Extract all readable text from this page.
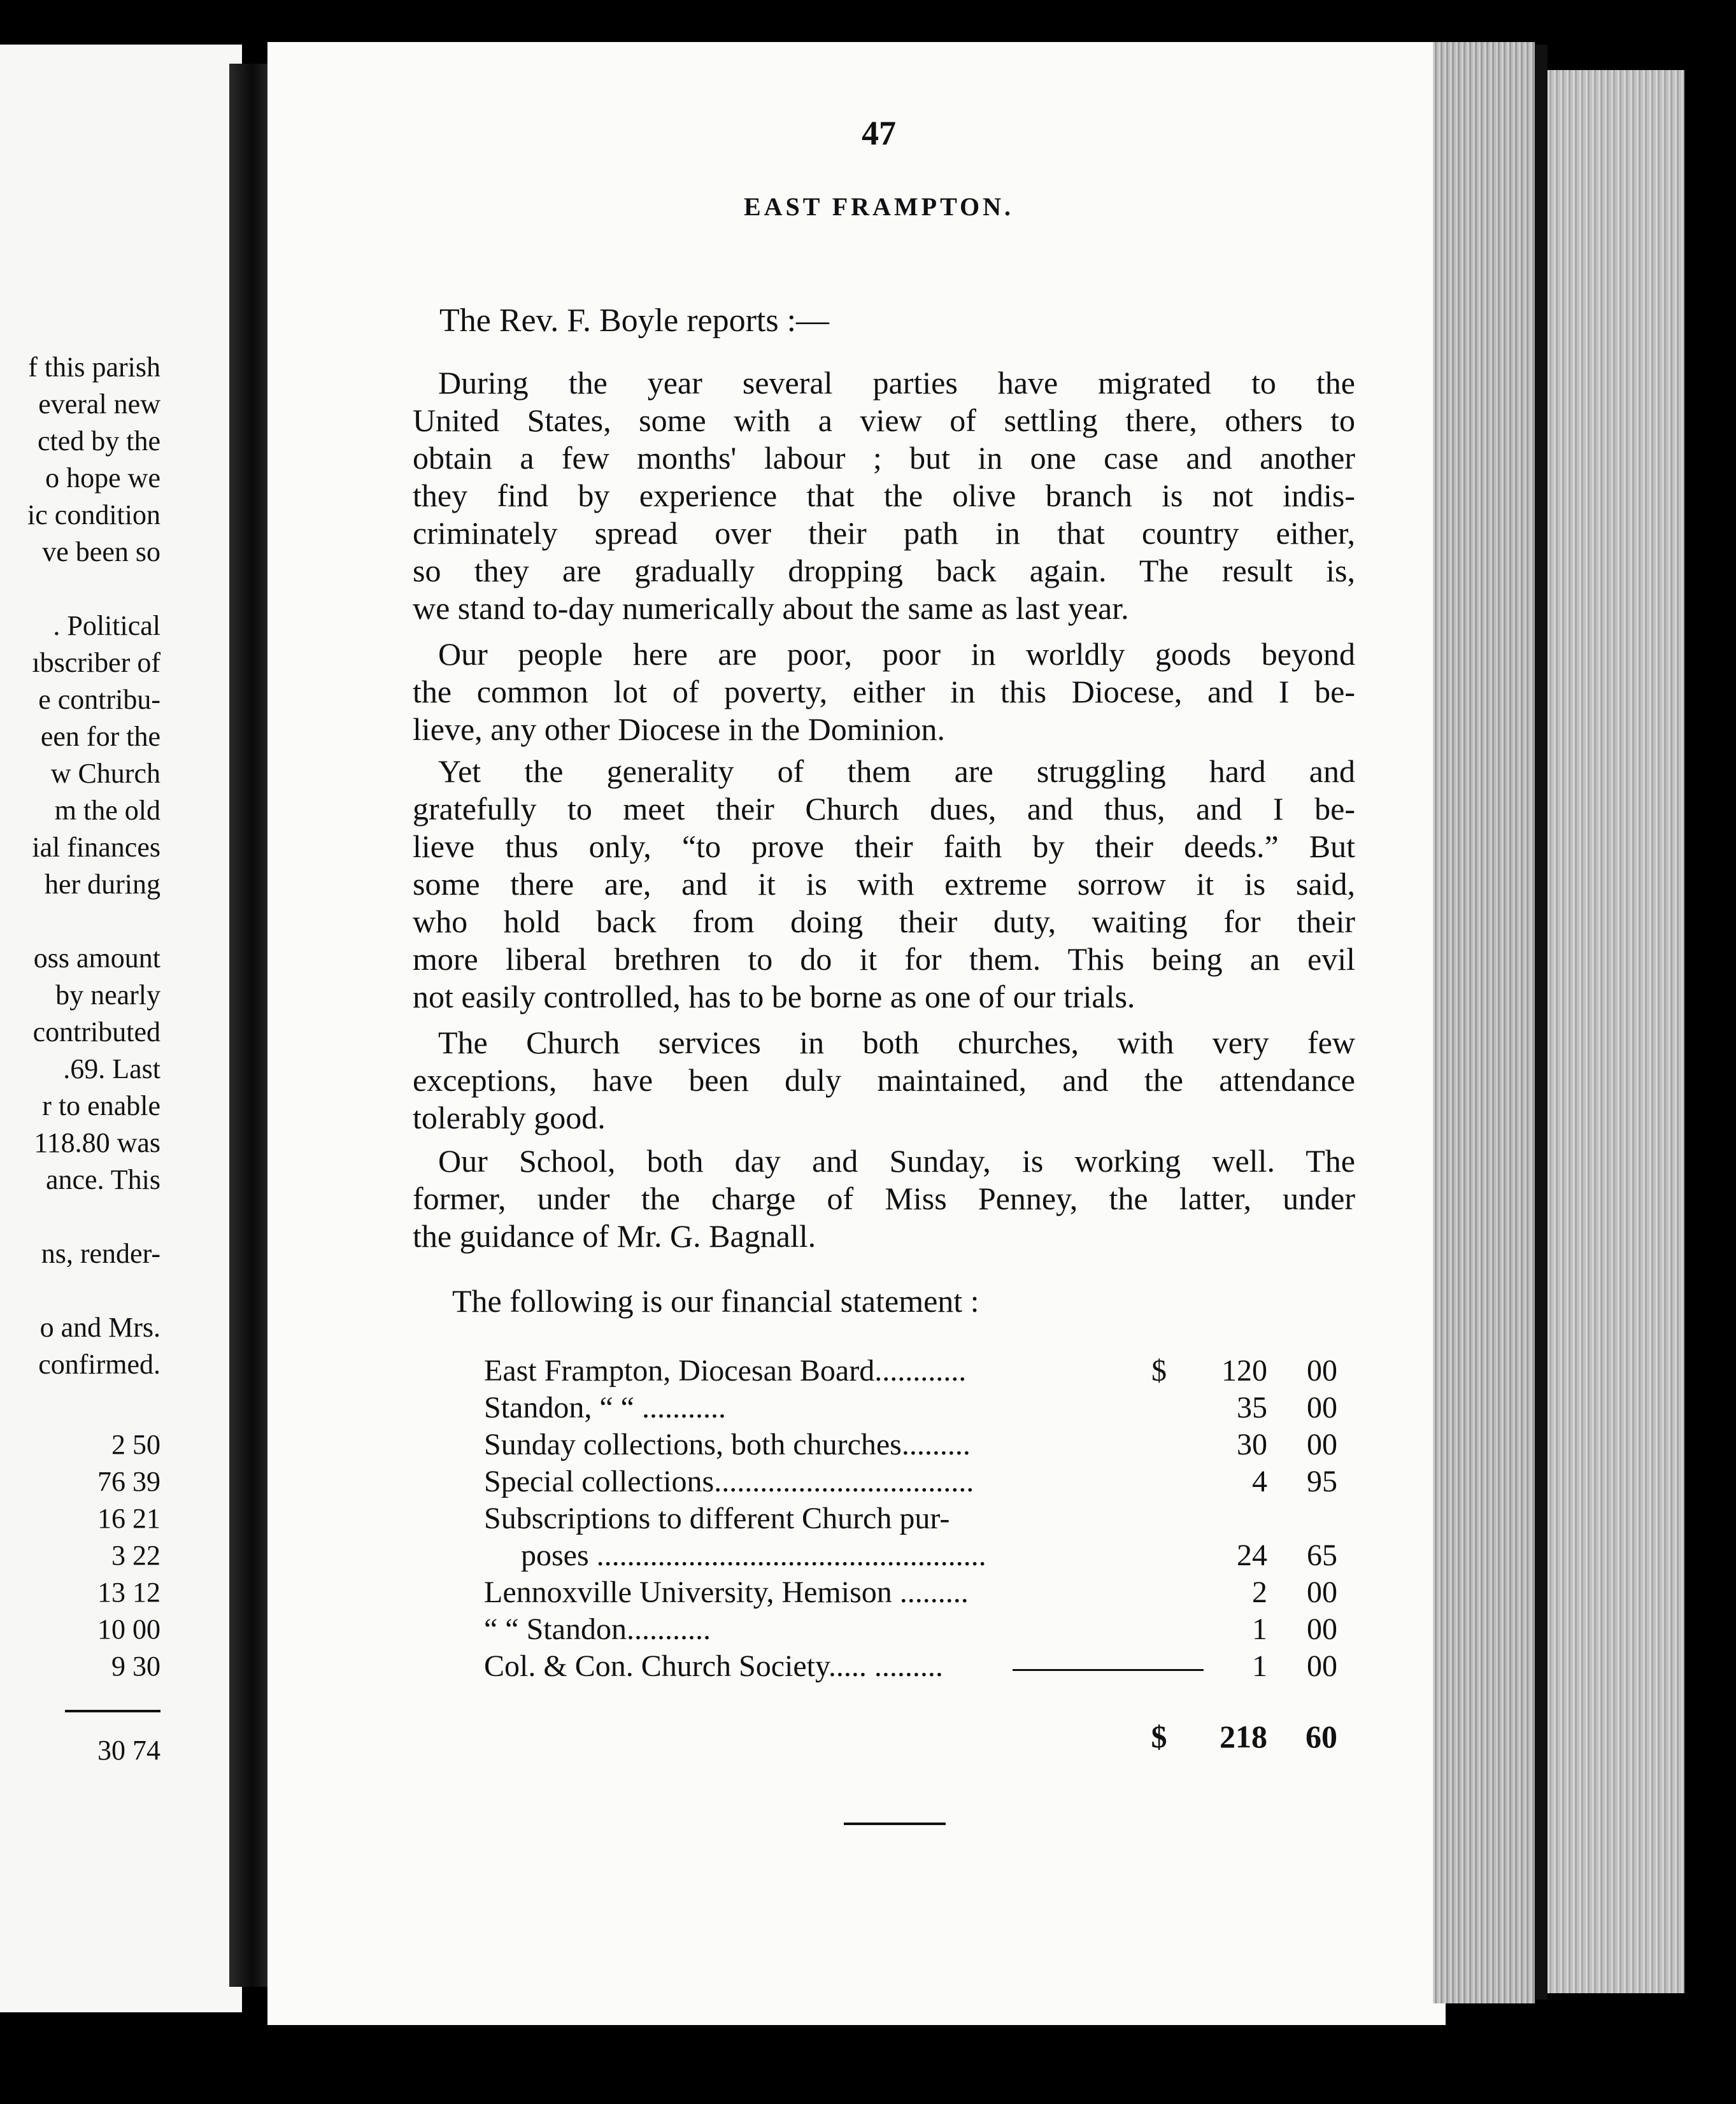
f this parish
everal new
cted by the
o hope we
ic condition
ve been so

. Political
ıbscriber of
e contribu-
een for the
w Church
m the old
ial finances
her during

oss amount
by nearly
contributed
.69. Last
r to enable
118.80 was
ance. This

ns, render-

o and Mrs.
confirmed.
2 50
76 39
16 21
3 22
13 12
10 00
9 30
30 74
47
EAST FRAMPTON.
The Rev. F. Boyle reports :—
During the year several parties have migrated to the
United States, some with a view of settling there, others to
obtain a few months' labour ; but in one case and another
they find by experience that the olive branch is not indis-
criminately spread over their path in that country either,
so they are gradually dropping back again. The result is,
we stand to-day numerically about the same as last year.
Our people here are poor, poor in worldly goods beyond
the common lot of poverty, either in this Diocese, and I be-
lieve, any other Diocese in the Dominion.
Yet the generality of them are struggling hard and
gratefully to meet their Church dues, and thus, and I be-
lieve thus only, “to prove their faith by their deeds.” But
some there are, and it is with extreme sorrow it is said,
who hold back from doing their duty, waiting for their
more liberal brethren to do it for them. This being an evil
not easily controlled, has to be borne as one of our trials.
The Church services in both churches, with very few
exceptions, have been duly maintained, and the attendance
tolerably good.
Our School, both day and Sunday, is working well. The
former, under the charge of Miss Penney, the latter, under
the guidance of Mr. G. Bagnall.
The following is our financial statement :
East Frampton, Diocesan Board............	$	120	00
Standon, “ “ ...........	35	00
Sunday collections, both churches.........	30	00
Special collections..................................	4	95
Subscriptions to different Church pur-
poses ...................................................	24	65
Lennoxville University, Hemison .........	2	00
“ “ Standon...........	1	00
Col. & Con. Church Society..... .........	1	00
$	218	60
